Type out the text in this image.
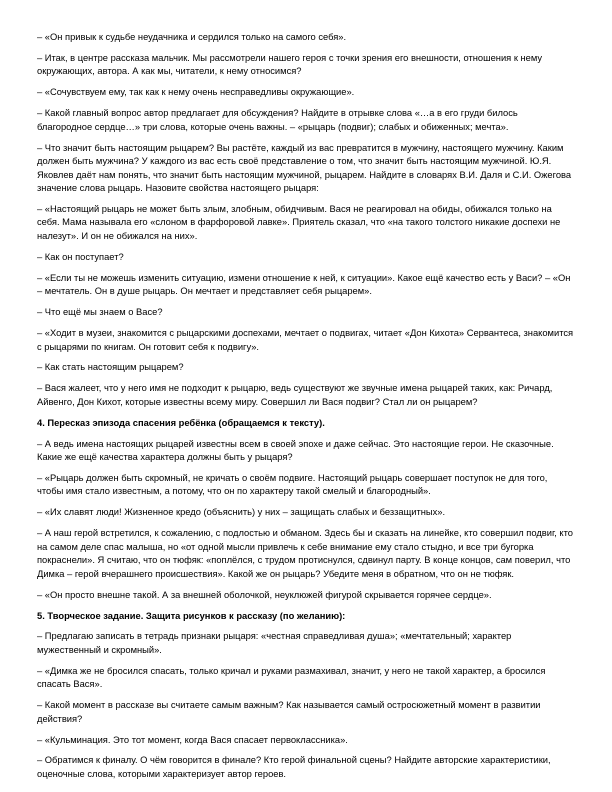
– «Он привык к судьбе неудачника и сердился только на самого себя».

– Итак, в центре рассказа мальчик. Мы рассмотрели нашего героя с точки зрения его внешности, отношения к нему окружающих, автора. А как мы, читатели, к нему относимся?

– «Сочувствуем ему, так как к нему очень несправедливы окружающие».

– Какой главный вопрос автор предлагает для обсуждения? Найдите в отрывке слова «…а в его груди билось благородное сердце…» три слова, которые очень важны. – «рыцарь (подвиг); слабых и обиженных; мечта».

– Что значит быть настоящим рыцарем? Вы растёте, каждый из вас превратится в мужчину, настоящего мужчину. Каким должен быть мужчина? У каждого из вас есть своё представление о том, что значит быть настоящим мужчиной. Ю.Я. Яковлев даёт нам понять, что значит быть настоящим мужчиной, рыцарем. Найдите в словарях В.И. Даля и С.И. Ожегова значение слова рыцарь. Назовите свойства настоящего рыцаря:

– «Настоящий рыцарь не может быть злым, злобным, обидчивым. Вася не реагировал на обиды, обижался только на себя. Мама называла его «слоном в фарфоровой лавке». Приятель сказал, что «на такого толстого никакие доспехи не налезут». И он не обижался на них».

– Как он поступает?

– «Если ты не можешь изменить ситуацию, измени отношение к ней, к ситуации». Какое ещё качество есть у Васи? – «Он – мечтатель. Он в душе рыцарь. Он мечтает и представляет себя рыцарем».

– Что ещё мы знаем о Васе?

– «Ходит в музеи, знакомится с рыцарскими доспехами, мечтает о подвигах, читает «Дон Кихота» Сервантеса, знакомится с рыцарями по книгам. Он готовит себя к подвигу».

– Как стать настоящим рыцарем?

– Вася жалеет, что у него имя не подходит к рыцарю, ведь существуют же звучные имена рыцарей таких, как: Ричард, Айвенго, Дон Кихот, которые известны всему миру. Совершил ли Вася подвиг? Стал ли он рыцарем?

4. Пересказ эпизода спасения ребёнка (обращаемся к тексту).

– А ведь имена настоящих рыцарей известны всем в своей эпохе и даже сейчас. Это настоящие герои. Не сказочные. Какие же ещё качества характера должны быть у рыцаря?

– «Рыцарь должен быть скромный, не кричать о своём подвиге. Настоящий рыцарь совершает поступок не для того, чтобы имя стало известным, а потому, что он по характеру такой смелый и благородный».

– «Их славят люди! Жизненное кредо (объяснить) у них – защищать слабых и беззащитных».

– А наш герой встретился, к сожалению, с подлостью и обманом. Здесь бы и сказать на линейке, кто совершил подвиг, кто на самом деле спас малыша, но «от одной мысли привлечь к себе внимание ему стало стыдно, и все три бугорка покраснели». Я считаю, что он тюфяк: «поплёлся, с трудом протиснулся, сдвинул парту. В конце концов, сам поверил, что Димка – герой вчерашнего происшествия». Какой же он рыцарь? Убедите меня в обратном, что он не тюфяк.

– «Он просто внешне такой. А за внешней оболочкой, неуклюжей фигурой скрывается горячее сердце».

5. Творческое задание. Защита рисунков к рассказу (по желанию):

– Предлагаю записать в тетрадь признаки рыцаря: «честная справедливая душа»; «мечтательный; характер мужественный и скромный».

– «Димка же не бросился спасать, только кричал и руками размахивал, значит, у него не такой характер, а бросился спасать Вася».

– Какой момент в рассказе вы считаете самым важным? Как называется самый остросюжетный момент в развитии действия?

– «Кульминация. Это тот момент, когда Вася спасает первоклассника».

– Обратимся к финалу. О чём говорится в финале? Кто герой финальной сцены? Найдите авторские характеристики, оценочные слова, которыми характеризует автор героев.
